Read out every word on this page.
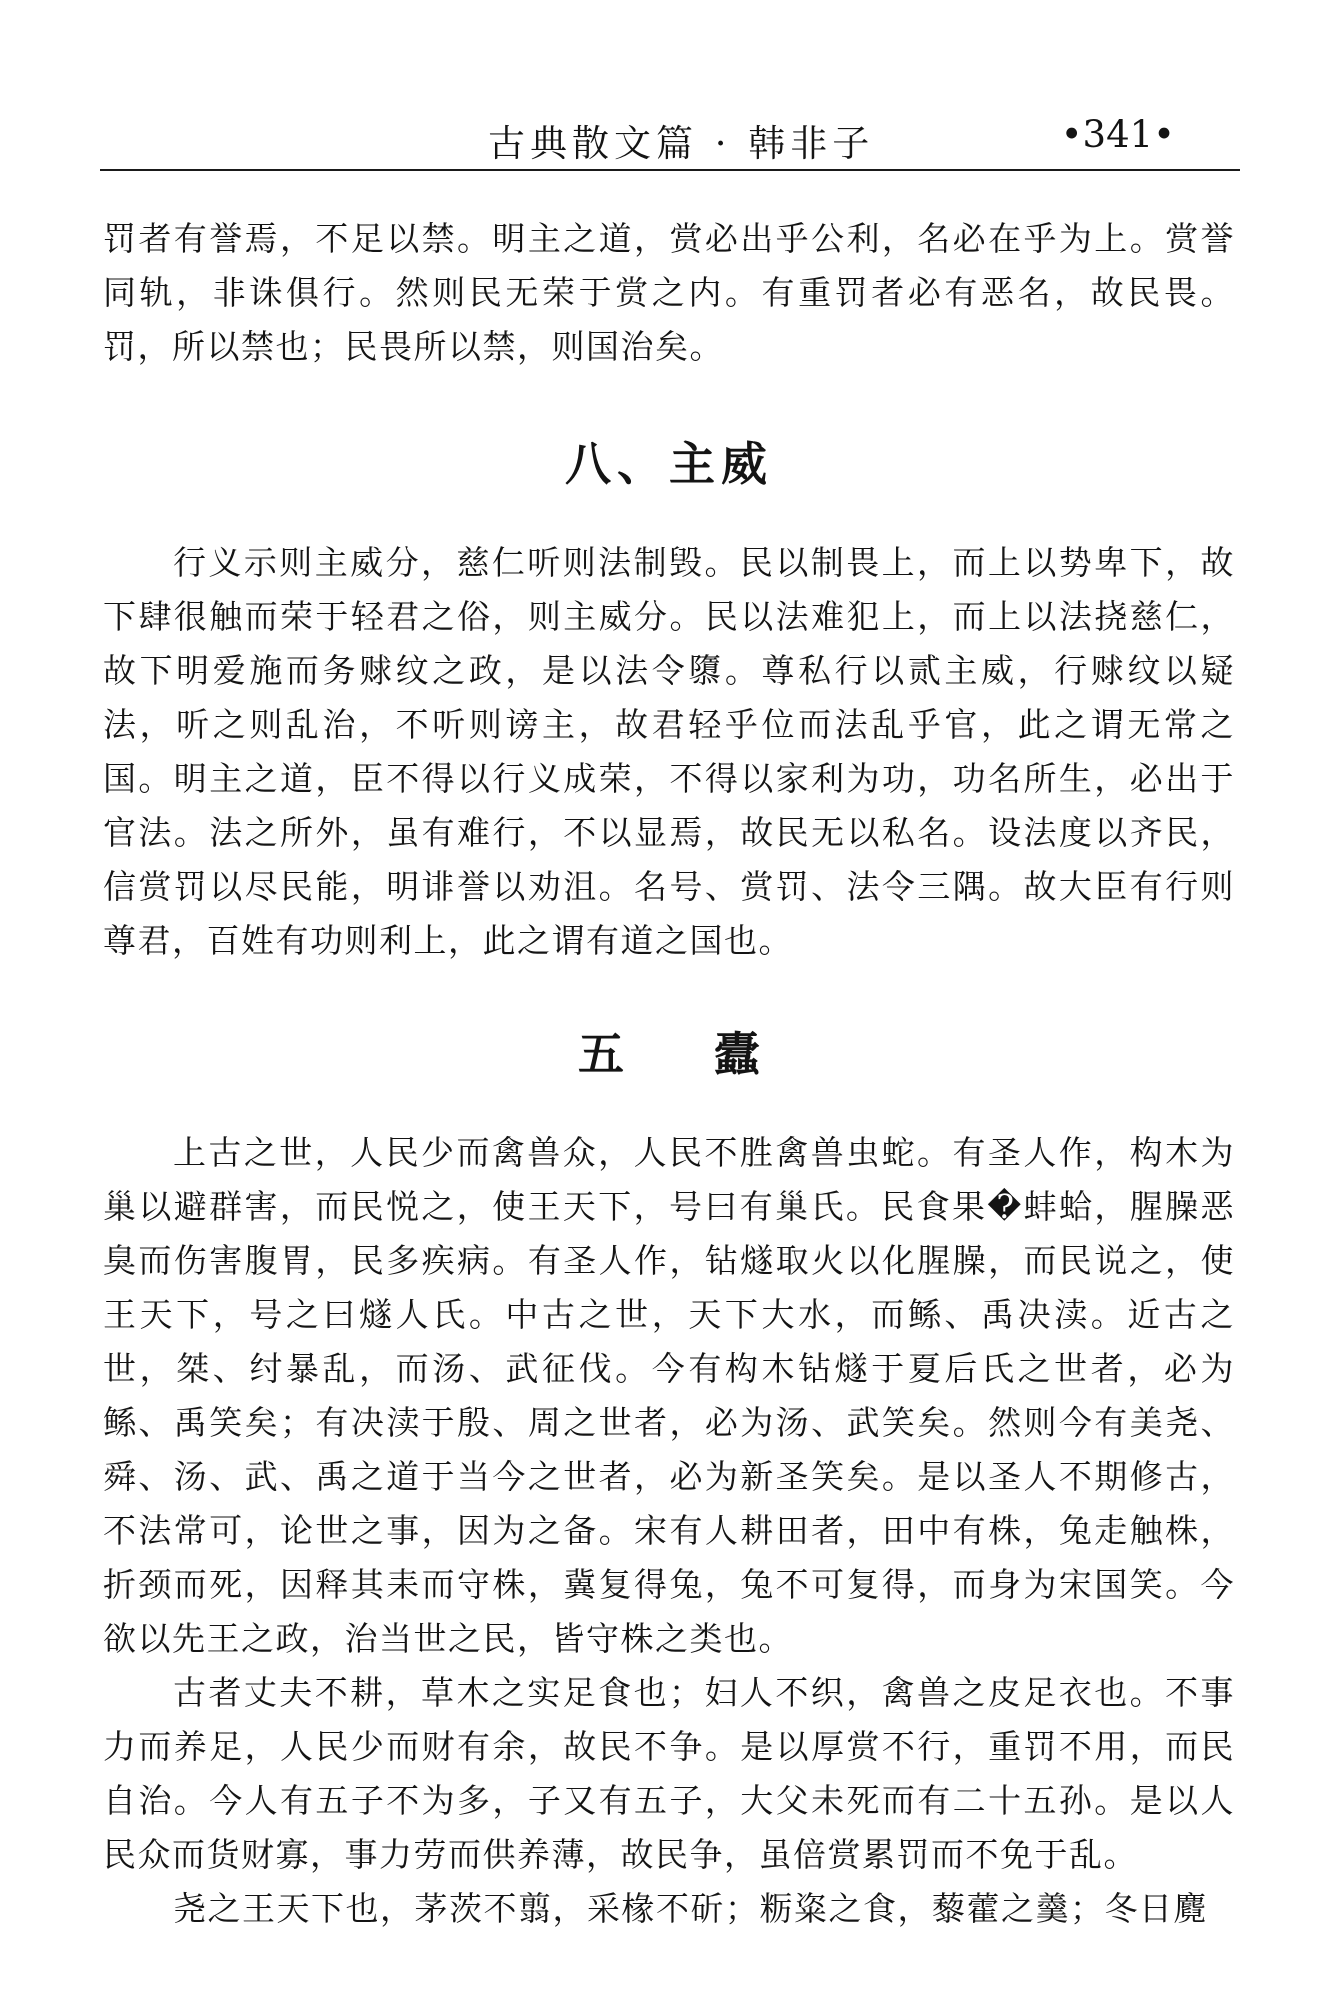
古典散文篇 · 韩非子	•341•

罚者有誉焉，不足以禁。明主之道，赏必出乎公利，名必在乎为上。赏誉同轨，非诛俱行。然则民无荣于赏之内。有重罚者必有恶名，故民畏。罚，所以禁也；民畏所以禁，则国治矣。

八、主威

行义示则主威分，慈仁听则法制毁。民以制畏上，而上以势卑下，故下肆很触而荣于轻君之俗，则主威分。民以法难犯上，而上以法挠慈仁，故下明爱施而务赇纹之政，是以法令隳。尊私行以贰主威，行赇纹以疑法，听之则乱治，不听则谤主，故君轻乎位而法乱乎官，此之谓无常之国。明主之道，臣不得以行义成荣，不得以家利为功，功名所生，必出于官法。法之所外，虽有难行，不以显焉，故民无以私名。设法度以齐民，信赏罚以尽民能，明诽誉以劝沮。名号、赏罚、法令三隅。故大臣有行则尊君，百姓有功则利上，此之谓有道之国也。

五蠹

上古之世，人民少而禽兽众，人民不胜禽兽虫蛇。有圣人作，构木为巢以避群害，而民悦之，使王天下，号曰有巢氏。民食果�蚌蛤，腥臊恶臭而伤害腹胃，民多疾病。有圣人作，钻燧取火以化腥臊，而民说之，使王天下，号之曰燧人氏。中古之世，天下大水，而鲧、禹决渎。近古之世，桀、纣暴乱，而汤、武征伐。今有构木钻燧于夏后氏之世者，必为鲧、禹笑矣；有决渎于殷、周之世者，必为汤、武笑矣。然则今有美尧、舜、汤、武、禹之道于当今之世者，必为新圣笑矣。是以圣人不期修古，不法常可，论世之事，因为之备。宋有人耕田者，田中有株，兔走触株，折颈而死，因释其耒而守株，冀复得兔，兔不可复得，而身为宋国笑。今欲以先王之政，治当世之民，皆守株之类也。

古者丈夫不耕，草木之实足食也；妇人不织，禽兽之皮足衣也。不事力而养足，人民少而财有余，故民不争。是以厚赏不行，重罚不用，而民自治。今人有五子不为多，子又有五子，大父未死而有二十五孙。是以人民众而货财寡，事力劳而供养薄，故民争，虽倍赏累罚而不免于乱。

尧之王天下也，茅茨不翦，采椽不斫；粝粢之食，藜藿之羹；冬日麑
